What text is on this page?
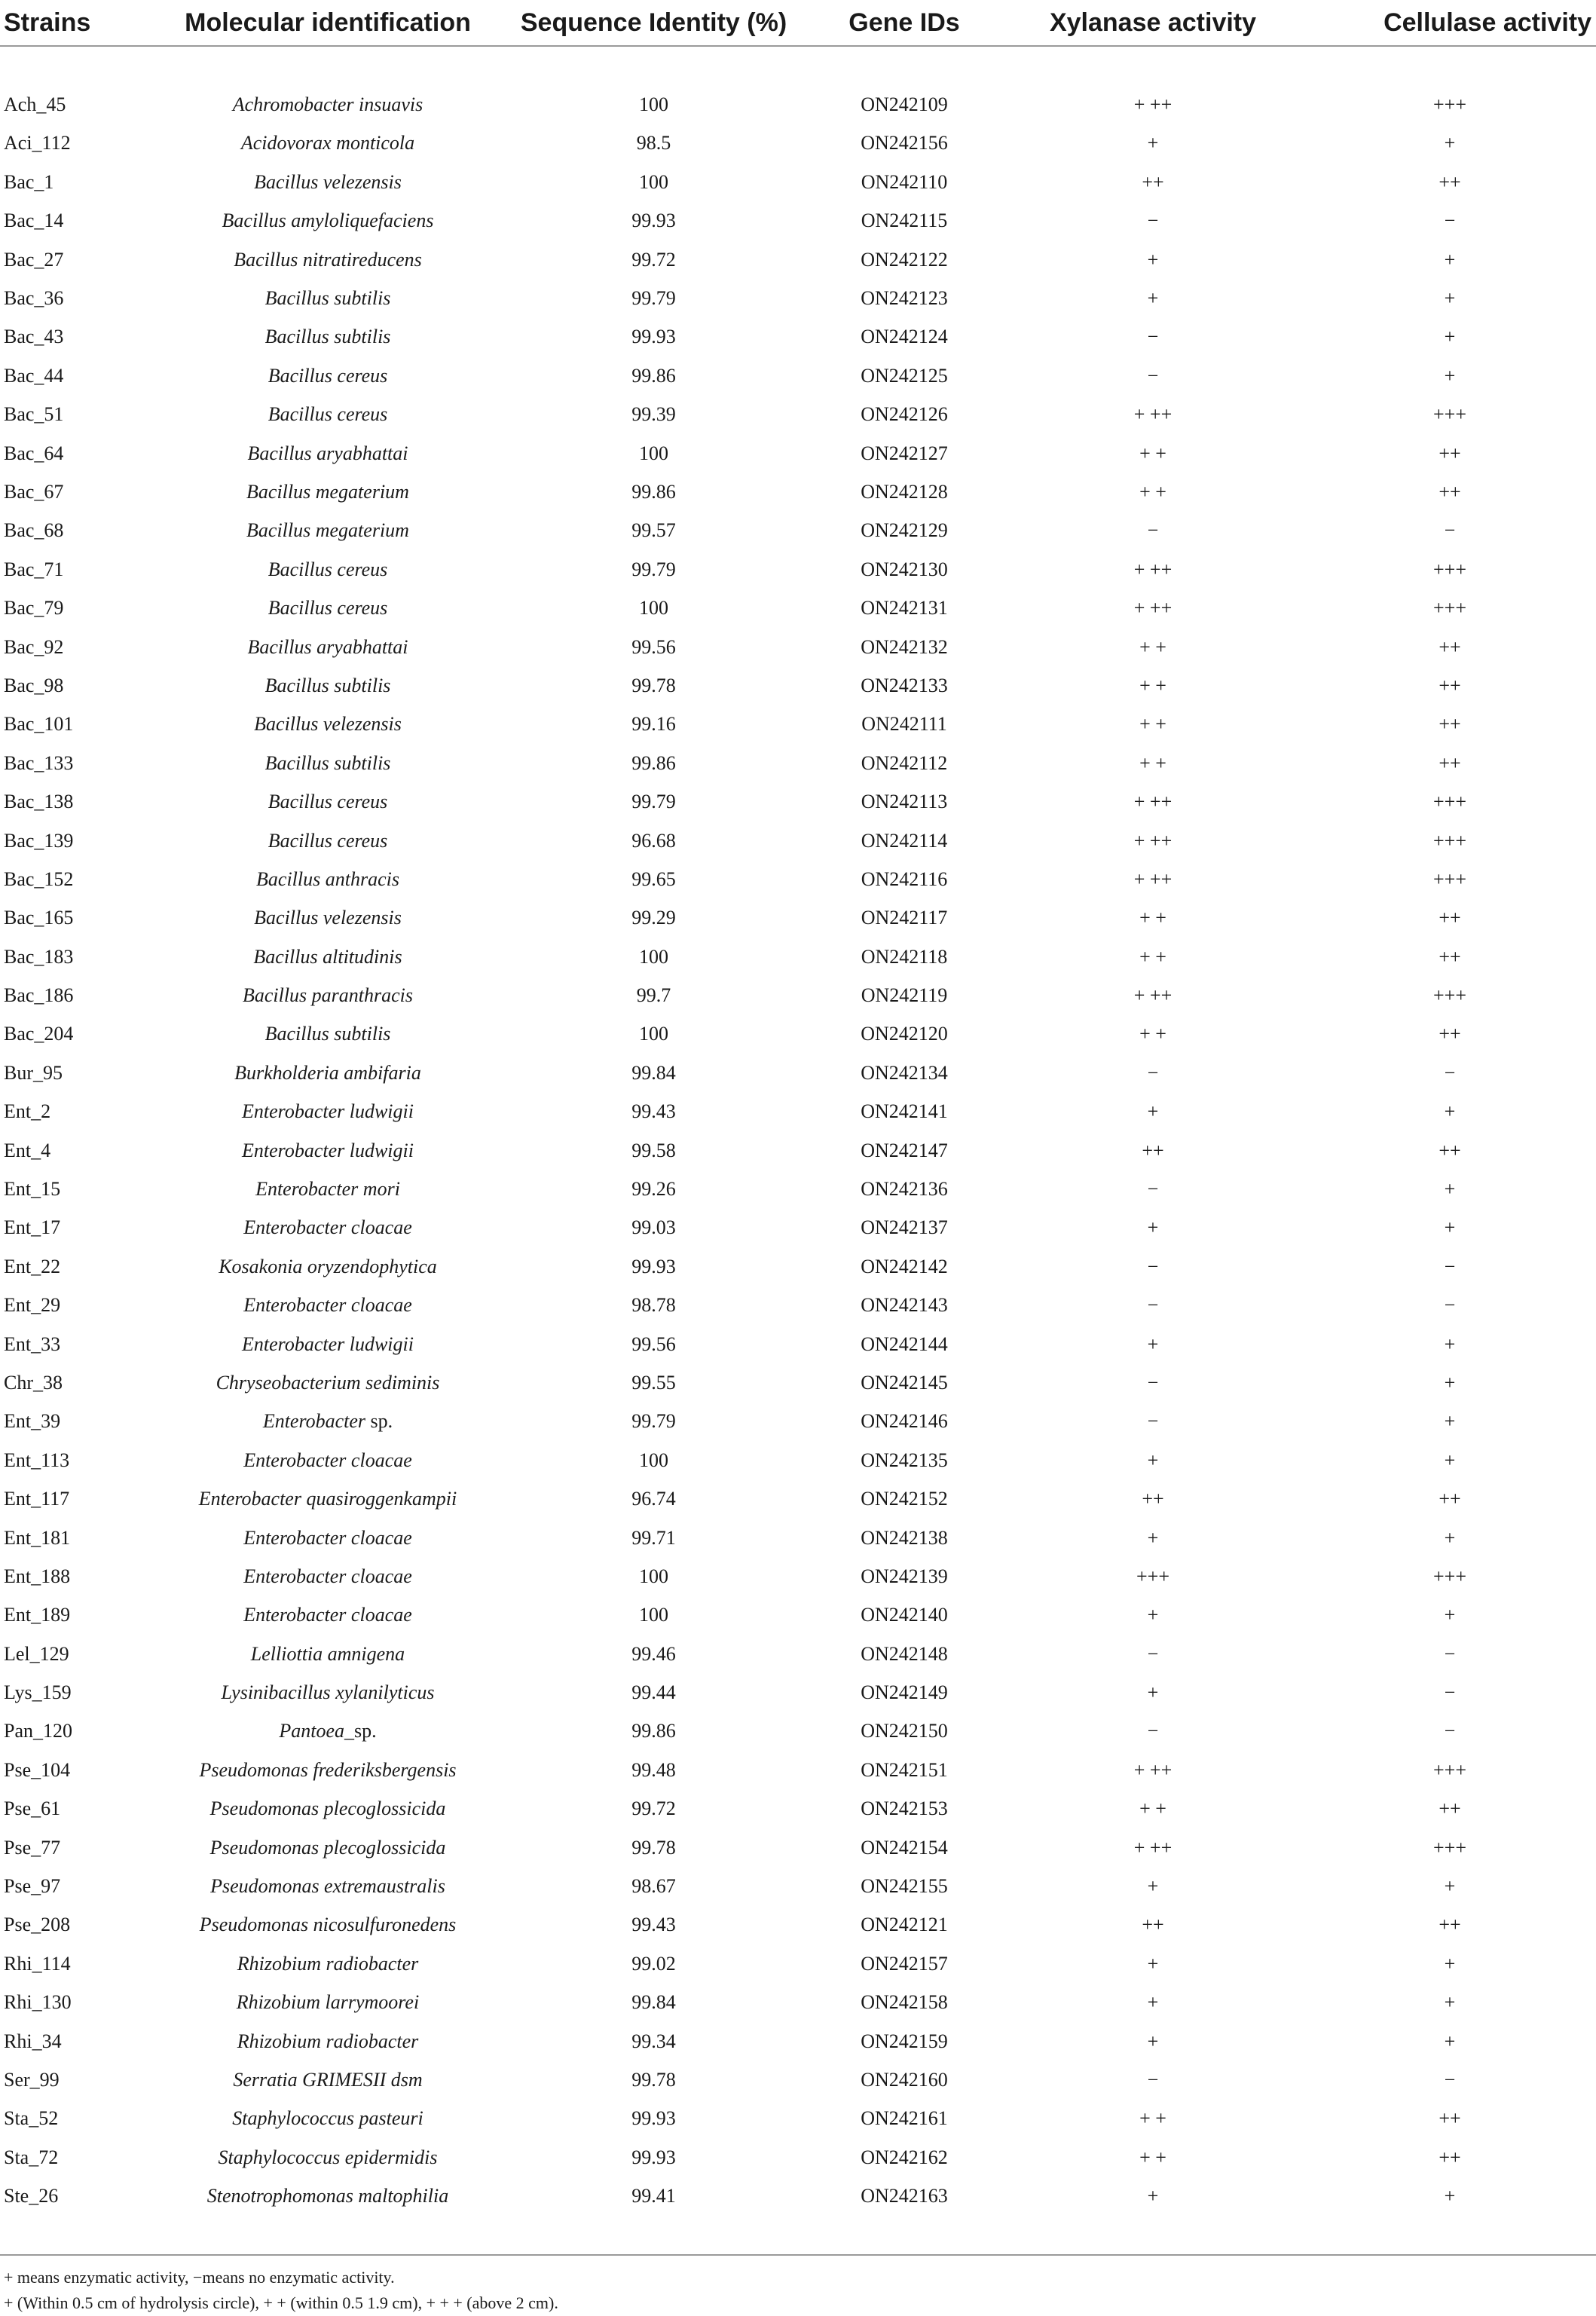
Strains	Molecular identification	Sequence Identity (%)	Gene IDs	Xylanase activity	Cellulase activity

Ach_45	Achromobacter insuavis	100	ON242109	+ ++	+++
Aci_112	Acidovorax monticola	98.5	ON242156	+	+
Bac_1	Bacillus velezensis	100	ON242110	++	++
Bac_14	Bacillus amyloliquefaciens	99.93	ON242115	−	−
Bac_27	Bacillus nitratireducens	99.72	ON242122	+	+
Bac_36	Bacillus subtilis	99.79	ON242123	+	+
Bac_43	Bacillus subtilis	99.93	ON242124	−	+
Bac_44	Bacillus cereus	99.86	ON242125	−	+
Bac_51	Bacillus cereus	99.39	ON242126	+ ++	+++
Bac_64	Bacillus aryabhattai	100	ON242127	+ +	++
Bac_67	Bacillus megaterium	99.86	ON242128	+ +	++
Bac_68	Bacillus megaterium	99.57	ON242129	−	−
Bac_71	Bacillus cereus	99.79	ON242130	+ ++	+++
Bac_79	Bacillus cereus	100	ON242131	+ ++	+++
Bac_92	Bacillus aryabhattai	99.56	ON242132	+ +	++
Bac_98	Bacillus subtilis	99.78	ON242133	+ +	++
Bac_101	Bacillus velezensis	99.16	ON242111	+ +	++
Bac_133	Bacillus subtilis	99.86	ON242112	+ +	++
Bac_138	Bacillus cereus	99.79	ON242113	+ ++	+++
Bac_139	Bacillus cereus	96.68	ON242114	+ ++	+++
Bac_152	Bacillus anthracis	99.65	ON242116	+ ++	+++
Bac_165	Bacillus velezensis	99.29	ON242117	+ +	++
Bac_183	Bacillus altitudinis	100	ON242118	+ +	++
Bac_186	Bacillus paranthracis	99.7	ON242119	+ ++	+++
Bac_204	Bacillus subtilis	100	ON242120	+ +	++
Bur_95	Burkholderia ambifaria	99.84	ON242134	−	−
Ent_2	Enterobacter ludwigii	99.43	ON242141	+	+
Ent_4	Enterobacter ludwigii	99.58	ON242147	++	++
Ent_15	Enterobacter mori	99.26	ON242136	−	+
Ent_17	Enterobacter cloacae	99.03	ON242137	+	+
Ent_22	Kosakonia oryzendophytica	99.93	ON242142	−	−
Ent_29	Enterobacter cloacae	98.78	ON242143	−	−
Ent_33	Enterobacter ludwigii	99.56	ON242144	+	+
Chr_38	Chryseobacterium sediminis	99.55	ON242145	−	+
Ent_39	Enterobacter sp.	99.79	ON242146	−	+
Ent_113	Enterobacter cloacae	100	ON242135	+	+
Ent_117	Enterobacter quasiroggenkampii	96.74	ON242152	++	++
Ent_181	Enterobacter cloacae	99.71	ON242138	+	+
Ent_188	Enterobacter cloacae	100	ON242139	+++	+++
Ent_189	Enterobacter cloacae	100	ON242140	+	+
Lel_129	Lelliottia amnigena	99.46	ON242148	−	−
Lys_159	Lysinibacillus xylanilyticus	99.44	ON242149	+	−
Pan_120	Pantoea_sp.	99.86	ON242150	−	−
Pse_104	Pseudomonas frederiksbergensis	99.48	ON242151	+ ++	+++
Pse_61	Pseudomonas plecoglossicida	99.72	ON242153	+ +	++
Pse_77	Pseudomonas plecoglossicida	99.78	ON242154	+ ++	+++
Pse_97	Pseudomonas extremaustralis	98.67	ON242155	+	+
Pse_208	Pseudomonas nicosulfuronedens	99.43	ON242121	++	++
Rhi_114	Rhizobium radiobacter	99.02	ON242157	+	+
Rhi_130	Rhizobium larrymoorei	99.84	ON242158	+	+
Rhi_34	Rhizobium radiobacter	99.34	ON242159	+	+
Ser_99	Serratia GRIMESII dsm	99.78	ON242160	−	−
Sta_52	Staphylococcus pasteuri	99.93	ON242161	+ +	++
Sta_72	Staphylococcus epidermidis	99.93	ON242162	+ +	++
Ste_26	Stenotrophomonas maltophilia	99.41	ON242163	+	+

+ means enzymatic activity, −means no enzymatic activity.

+ (Within 0.5 cm of hydrolysis circle), + + (within 0.5 1.9 cm), + + + (above 2 cm).
